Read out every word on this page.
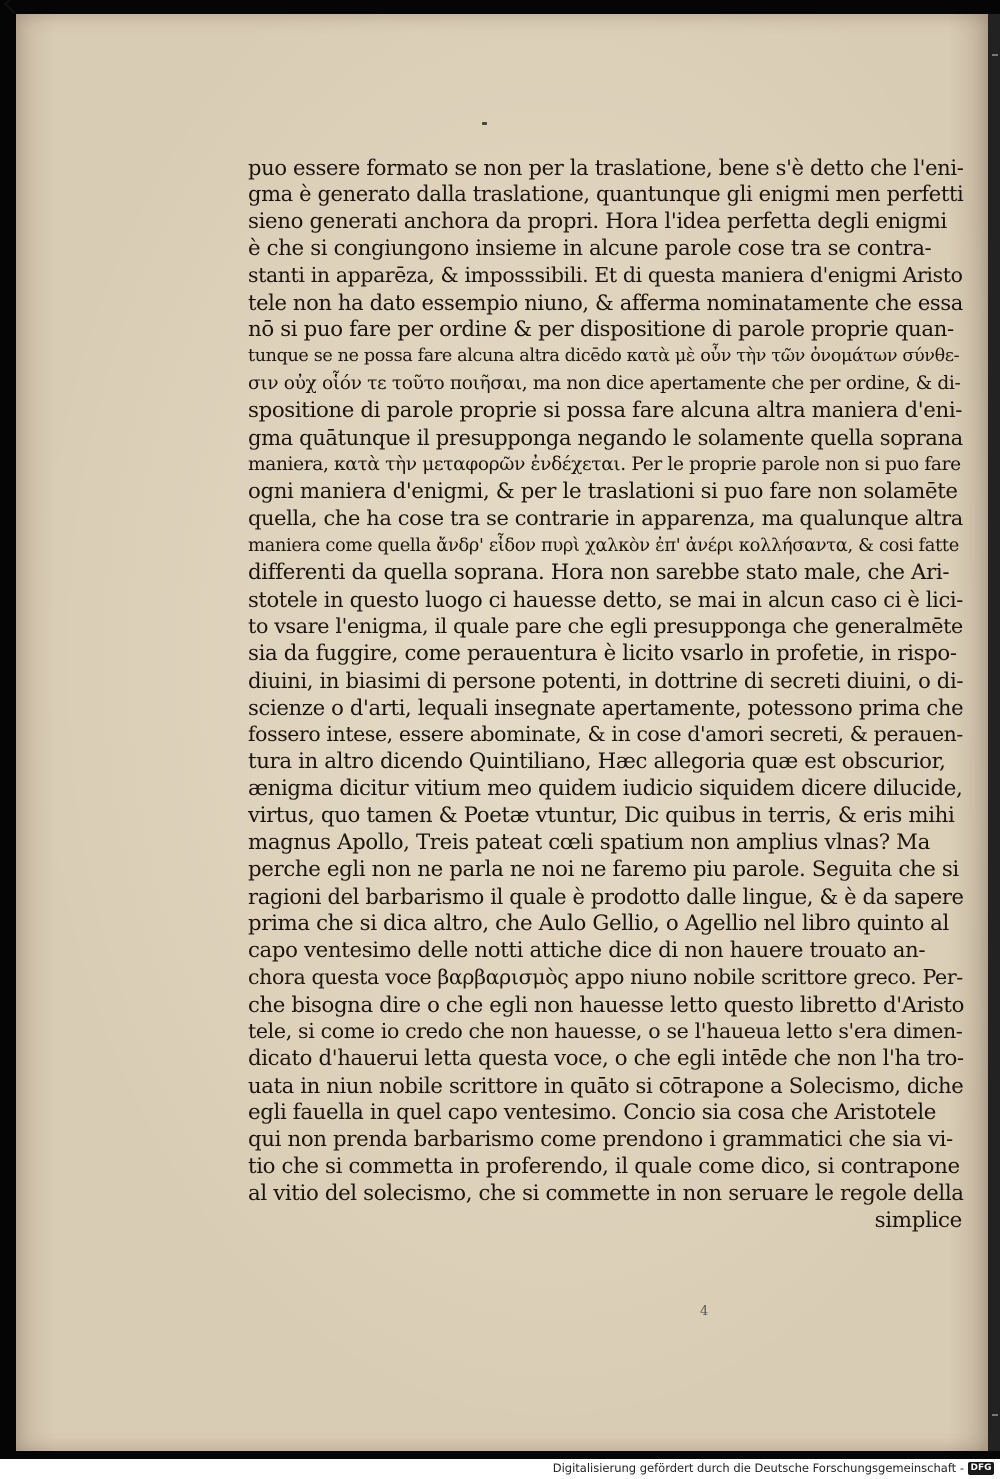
puo essere formato se non per la traslatione, bene s'è detto che l'eni-
gma è generato dalla traslatione, quantunque gli enigmi men perfetti
sieno generati anchora da propri. Hora l'idea perfetta degli enigmi
è che si congiungono insieme in alcune parole cose tra se contra-
stanti in apparēza, & imposssibili. Et di questa maniera d'enigmi Aristo
tele non ha dato essempio niuno, & afferma nominatamente che essa
nō si puo fare per ordine & per dispositione di parole proprie quan-
tunque se ne possa fare alcuna altra dicēdo κατὰ μὲ οὖν τὴν τῶν ὀνομάτων σύνθε-
σιν οὐχ οἷόν τε τοῦτο ποιῆσαι, ma non dice apertamente che per ordine, & di-
spositione di parole proprie si possa fare alcuna altra maniera d'eni-
gma quātunque il presupponga negando le solamente quella soprana
maniera, κατὰ τὴν μεταφορῶν ἐνδέχεται. Per le proprie parole non si puo fare
ogni maniera d'enigmi, & per le traslationi si puo fare non solamēte
quella, che ha cose tra se contrarie in apparenza, ma qualunque altra
maniera come quella ἄνδρ' εἶδον πυρὶ χαλκὸν ἐπ' ἀνέρι κολλήσαντα, & cosi fatte
differenti da quella soprana. Hora non sarebbe stato male, che Ari-
stotele in questo luogo ci hauesse detto, se mai in alcun caso ci è lici-
to vsare l'enigma, il quale pare che egli presupponga che generalmēte
sia da fuggire, come perauentura è licito vsarlo in profetie, in rispo-
diuini, in biasimi di persone potenti, in dottrine di secreti diuini, o di-
scienze o d'arti, lequali insegnate apertamente, potessono prima che
fossero intese, essere abominate, & in cose d'amori secreti, & perauen-
tura in altro dicendo Quintiliano, Hæc allegoria quæ est obscurior,
ænigma dicitur vitium meo quidem iudicio siquidem dicere dilucide,
virtus, quo tamen & Poetæ vtuntur, Dic quibus in terris, & eris mihi
magnus Apollo, Treis pateat cœli spatium non amplius vlnas? Ma
perche egli non ne parla ne noi ne faremo piu parole. Seguita che si
ragioni del barbarismo il quale è prodotto dalle lingue, & è da sapere
prima che si dica altro, che Aulo Gellio, o Agellio nel libro quinto al
capo ventesimo delle notti attiche dice di non hauere trouato an-
chora questa voce βαρβαρισμὸς appo niuno nobile scrittore greco. Per-
che bisogna dire o che egli non hauesse letto questo libretto d'Aristo
tele, si come io credo che non hauesse, o se l'haueua letto s'era dimen-
dicato d'hauerui letta questa voce, o che egli intēde che non l'ha tro-
uata in niun nobile scrittore in quāto si cōtrapone a Solecismo, diche
egli fauella in quel capo ventesimo. Concio sia cosa che Aristotele
qui non prenda barbarismo come prendono i grammatici che sia vi-
tio che si commetta in proferendo, il quale come dico, si contrapone
al vitio del solecismo, che si commette in non seruare le regole della
simplice
4
Digitalisierung gefördert durch die Deutsche Forschungsgemeinschaft - DFG
